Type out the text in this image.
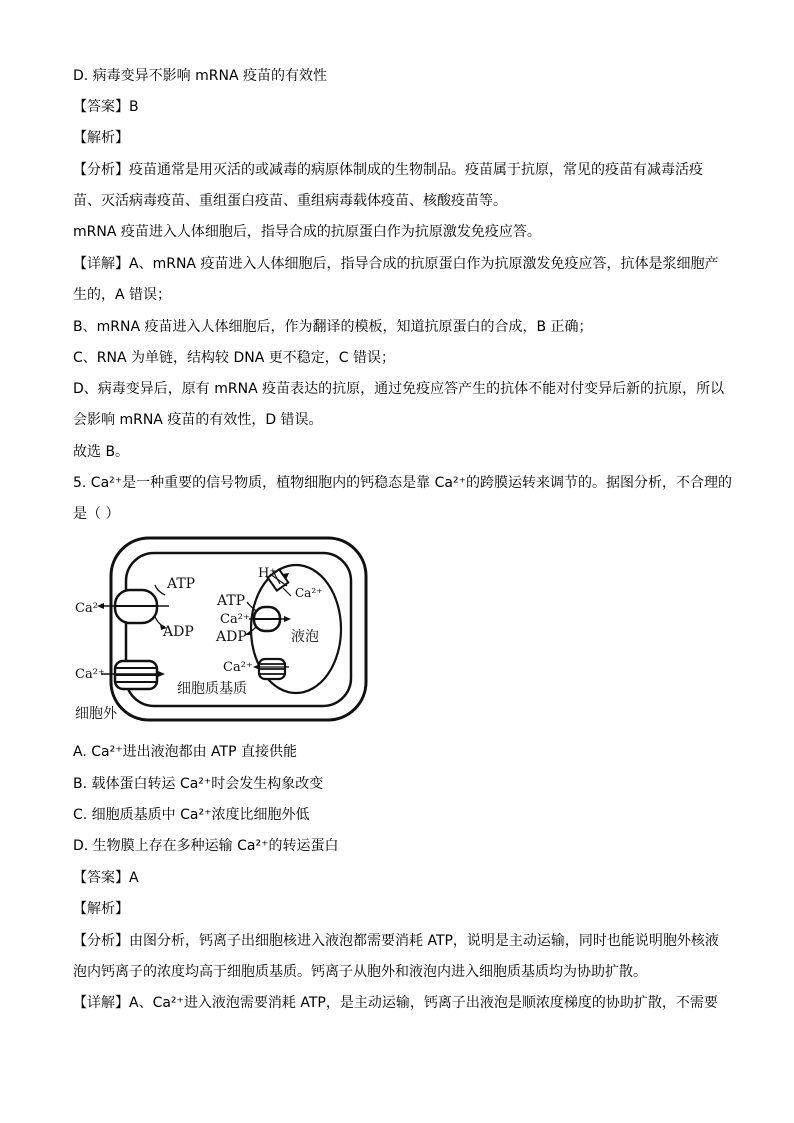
D. 病毒变异不影响 mRNA 疫苗的有效性
【答案】B
【解析】
【分析】疫苗通常是用灭活的或减毒的病原体制成的生物制品。疫苗属于抗原，常见的疫苗有减毒活疫
苗、灭活病毒疫苗、重组蛋白疫苗、重组病毒载体疫苗、核酸疫苗等。
mRNA 疫苗进入人体细胞后，指导合成的抗原蛋白作为抗原激发免疫应答。
【详解】A、mRNA 疫苗进入人体细胞后，指导合成的抗原蛋白作为抗原激发免疫应答，抗体是浆细胞产
生的，A 错误；
B、mRNA 疫苗进入人体细胞后，作为翻译的模板，知道抗原蛋白的合成，B 正确；
C、RNA 为单链，结构较 DNA 更不稳定，C 错误；
D、病毒变异后，原有 mRNA 疫苗表达的抗原，通过免疫应答产生的抗体不能对付变异后新的抗原，所以
会影响 mRNA 疫苗的有效性，D 错误。
故选 B。
5. Ca²⁺是一种重要的信号物质，植物细胞内的钙稳态是靠 Ca²⁺的跨膜运转来调节的。据图分析，不合理的
是（ ）
ATP
ADP
Ca²⁺
Ca²⁺
细胞外
细胞质基质
H⁺
Ca²⁺
ATP
Ca²⁺
ADP	液泡
Ca²⁺
A. Ca²⁺进出液泡都由 ATP 直接供能
B. 载体蛋白转运 Ca²⁺时会发生构象改变
C. 细胞质基质中 Ca²⁺浓度比细胞外低
D. 生物膜上存在多种运输 Ca²⁺的转运蛋白
【答案】A
【解析】
【分析】由图分析，钙离子出细胞核进入液泡都需要消耗 ATP，说明是主动运输，同时也能说明胞外核液
泡内钙离子的浓度均高于细胞质基质。钙离子从胞外和液泡内进入细胞质基质均为协助扩散。
【详解】A、Ca²⁺进入液泡需要消耗 ATP，是主动运输，钙离子出液泡是顺浓度梯度的协助扩散，不需要
